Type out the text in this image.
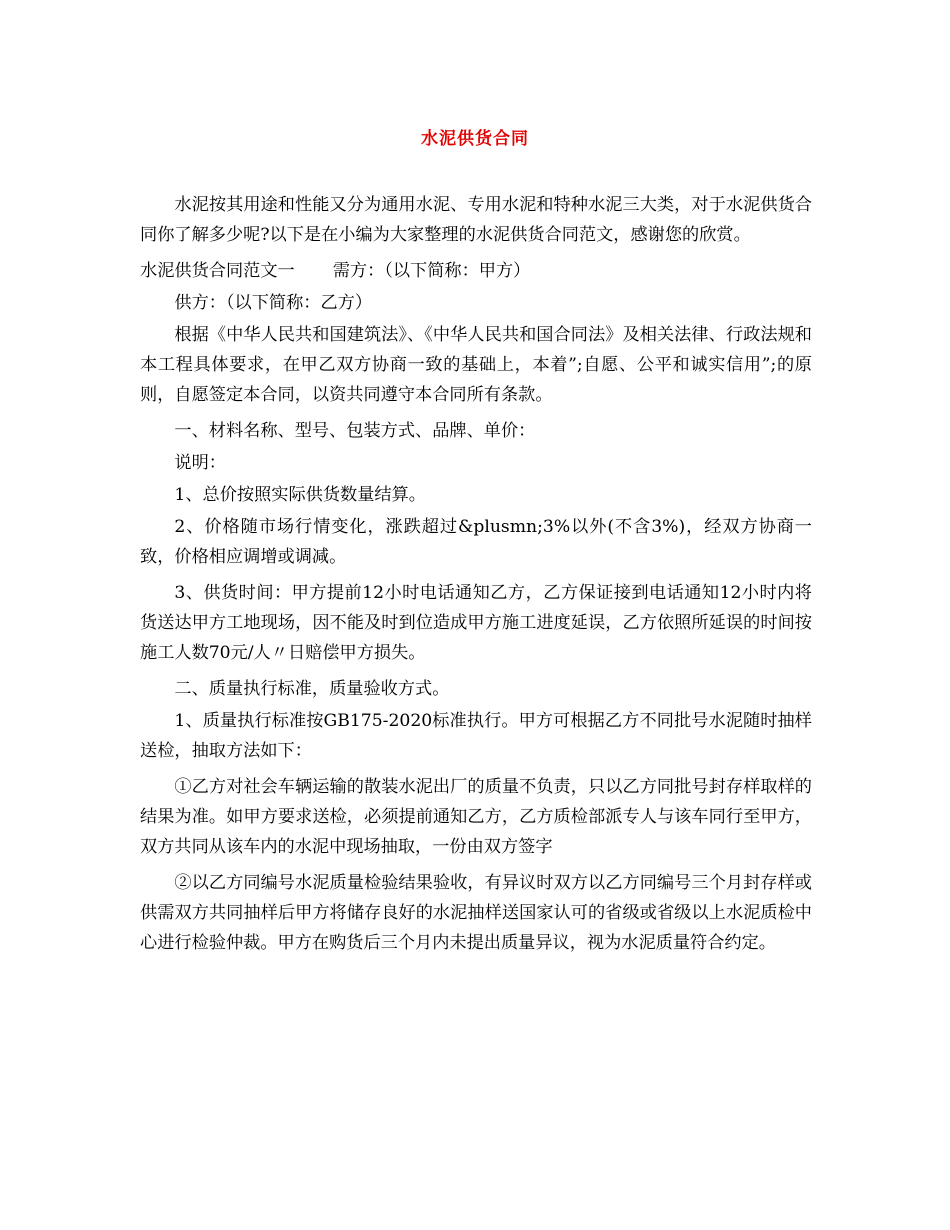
水泥供货合同

水泥按其用途和性能又分为通用水泥、专用水泥和特种水泥三大类，对于水泥供货合同你了解多少呢?以下是在小编为大家整理的水泥供货合同范文，感谢您的欣赏。

水泥供货合同范文一 需方：（以下简称：甲方）

供方：（以下简称：乙方）

根据《中华人民共和国建筑法》、《中华人民共和国合同法》及相关法律、行政法规和本工程具体要求，在甲乙双方协商一致的基础上，本着”;自愿、公平和诚实信用”;的原则，自愿签定本合同，以资共同遵守本合同所有条款。

一、材料名称、型号、包装方式、品牌、单价：

说明：

1、总价按照实际供货数量结算。

2、价格随市场行情变化，涨跌超过&plusmn;3%以外(不含3%)，经双方协商一致，价格相应调增或调减。

3、供货时间：甲方提前12小时电话通知乙方，乙方保证接到电话通知12小时内将货送达甲方工地现场，因不能及时到位造成甲方施工进度延误，乙方依照所延误的时间按施工人数70元/人〃日赔偿甲方损失。

二、质量执行标准，质量验收方式。

1、质量执行标准按GB175-2020标准执行。甲方可根据乙方不同批号水泥随时抽样送检，抽取方法如下：

①乙方对社会车辆运输的散装水泥出厂的质量不负责，只以乙方同批号封存样取样的结果为准。如甲方要求送检，必须提前通知乙方，乙方质检部派专人与该车同行至甲方，双方共同从该车内的水泥中现场抽取，一份由双方签字

②以乙方同编号水泥质量检验结果验收，有异议时双方以乙方同编号三个月封存样或供需双方共同抽样后甲方将储存良好的水泥抽样送国家认可的省级或省级以上水泥质检中心进行检验仲裁。甲方在购货后三个月内未提出质量异议，视为水泥质量符合约定。
